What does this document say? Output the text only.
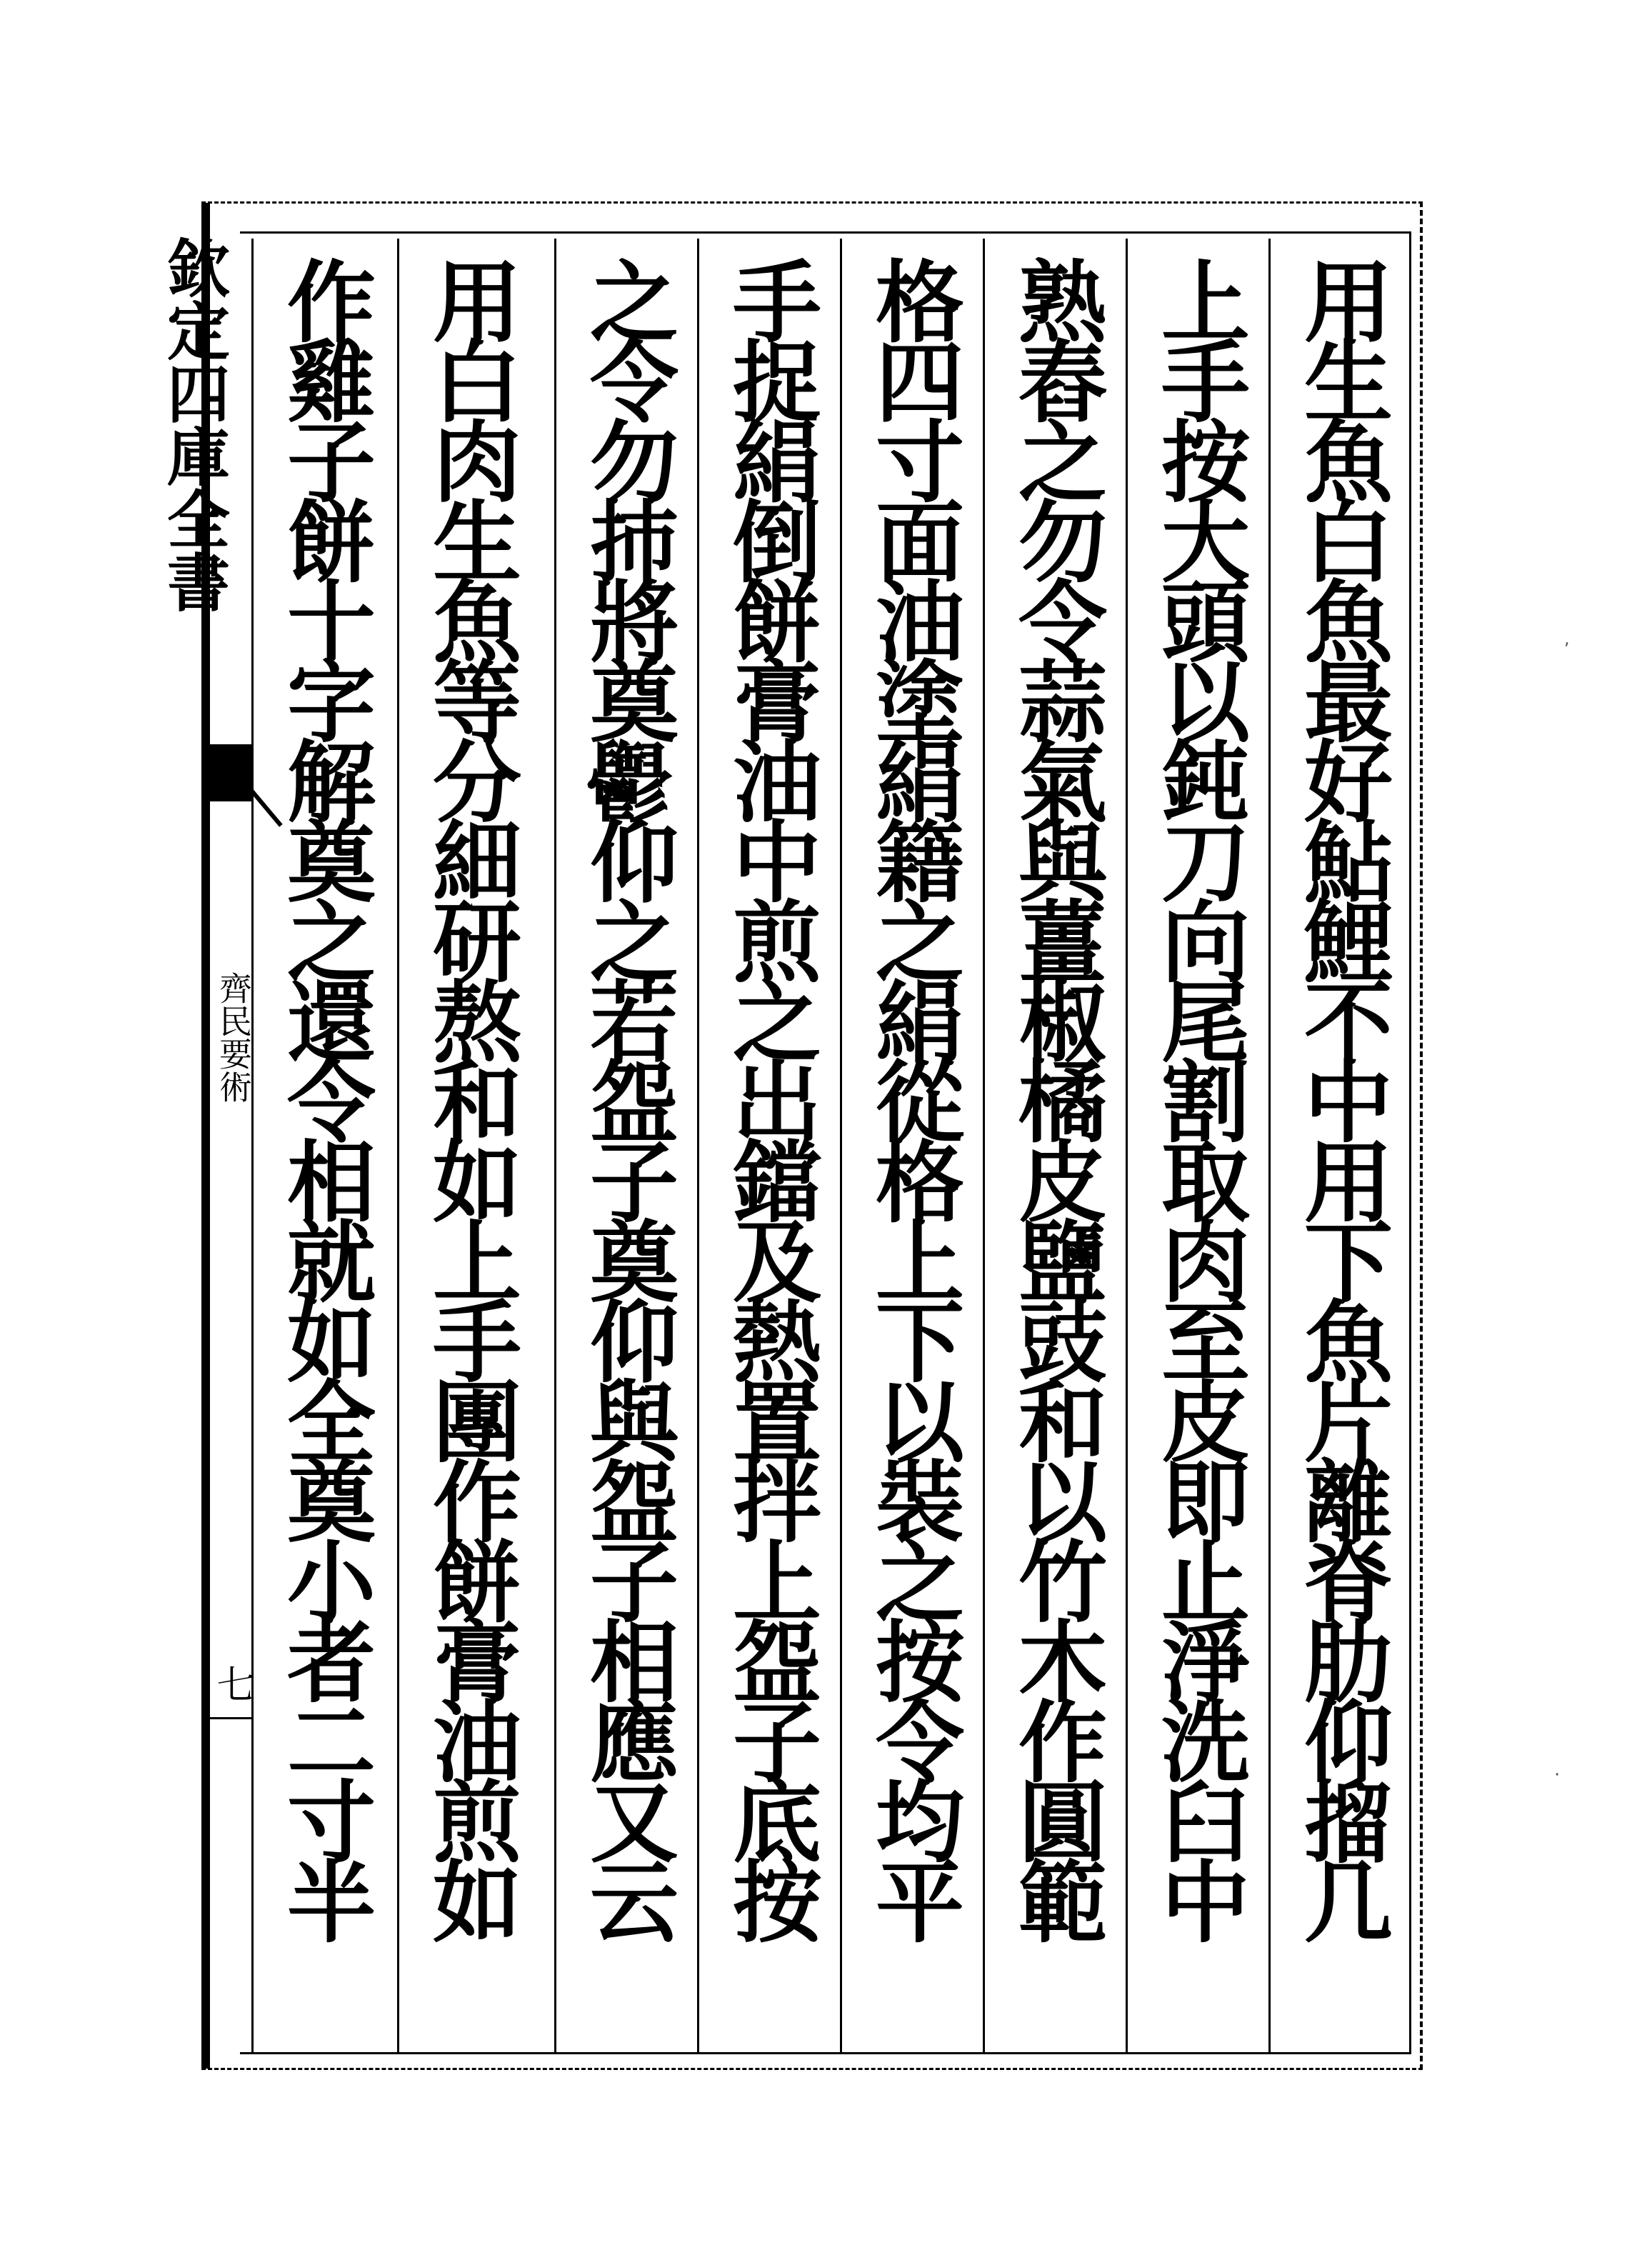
欽定四庫全書
齊民要術
七	用生魚白魚最好鮎鯉不中用下魚片離脊肋仰㨨几
上手按大頭以鈍刀向尾割取肉至皮即止淨洗臼中
熟舂之勿令蒜氣與薑椒橘皮鹽豉和以竹木作圓範
格四寸面油塗絹籍之絹從格上下以裝之按令均平
手捉絹倒餅膏油中煎之出鐺及熱置拌上盌子底按
之令勿㧊將奠𩰪仰之若盌子奠仰與盌子相應又云
用白肉生魚等分細研熬和如上手團作餅膏油煎如
作雞子餅十字解奠之還令相就如全奠小者二寸半	,
·
